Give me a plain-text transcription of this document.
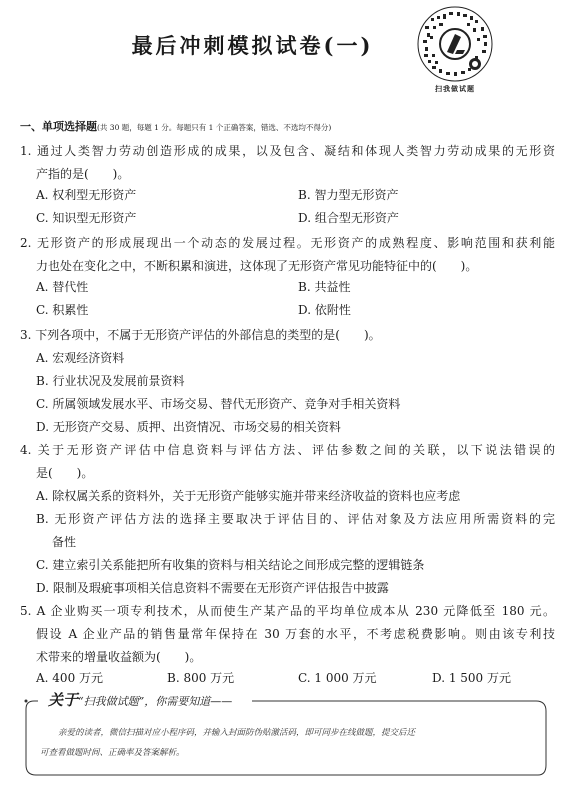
最后冲刺模拟试卷(一)
扫我做试题
一、单项选择题(共 30 题，每题 1 分。每题只有 1 个正确答案，错选、不选均不得分)
1. 通过人类智力劳动创造形成的成果，以及包含、凝结和体现人类智力劳动成果的无形资
产指的是(　　)。
A. 权利型无形资产	B. 智力型无形资产
C. 知识型无形资产	D. 组合型无形资产
2. 无形资产的形成展现出一个动态的发展过程。无形资产的成熟程度、影响范围和获利能
力也处在变化之中，不断积累和演进，这体现了无形资产常见功能特征中的(　　)。
A. 替代性	B. 共益性
C. 积累性	D. 依附性
3. 下列各项中，不属于无形资产评估的外部信息的类型的是(　　)。
A. 宏观经济资料
B. 行业状况及发展前景资料
C. 所属领域发展水平、市场交易、替代无形资产、竞争对手相关资料
D. 无形资产交易、质押、出资情况、市场交易的相关资料
4. 关于无形资产评估中信息资料与评估方法、评估参数之间的关联，以下说法错误的
是(　　)。
A. 除权属关系的资料外，关于无形资产能够实施并带来经济收益的资料也应考虑
B. 无形资产评估方法的选择主要取决于评估目的、评估对象及方法应用所需资料的完
备性
C. 建立索引关系能把所有收集的资料与相关结论之间形成完整的逻辑链条
D. 限制及瑕疵事项相关信息资料不需要在无形资产评估报告中披露
5. A 企业购买一项专利技术，从而使生产某产品的平均单位成本从 230 元降低至 180 元。
假设 A 企业产品的销售量常年保持在 30 万套的水平，不考虑税费影响。则由该专利技
术带来的增量收益额为(　　)。
A. 400 万元	B. 800 万元	C. 1 000 万元	D. 1 500 万元
关于“扫我做试题”，你需要知道——
亲爱的读者，微信扫描对应小程序码，并输入封面防伪贴激活码，即可同步在线做题，提交后还
可查看做题时间、正确率及答案解析。
